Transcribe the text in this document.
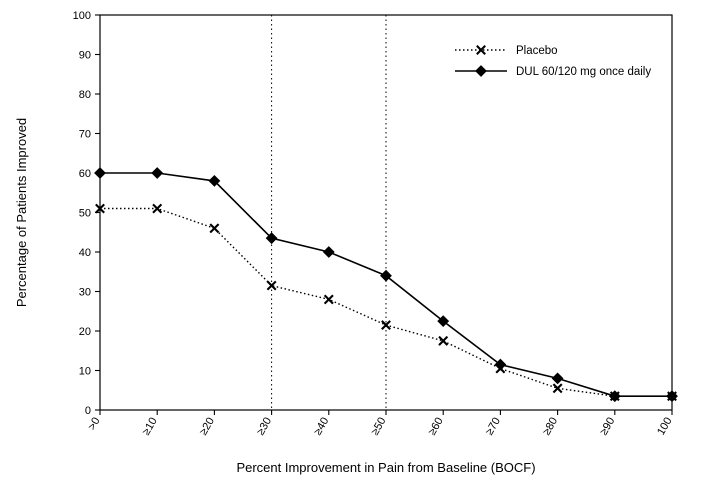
0
10
20
30
40
50
60
70
80
90
100
>0	≥10	≥20	≥30	≥40	≥50	≥60	≥70	≥80	≥90	100
Percent Improvement in Pain from Baseline (BOCF)
Percentage of Patients Improved
Placebo
DUL 60/120 mg once daily
